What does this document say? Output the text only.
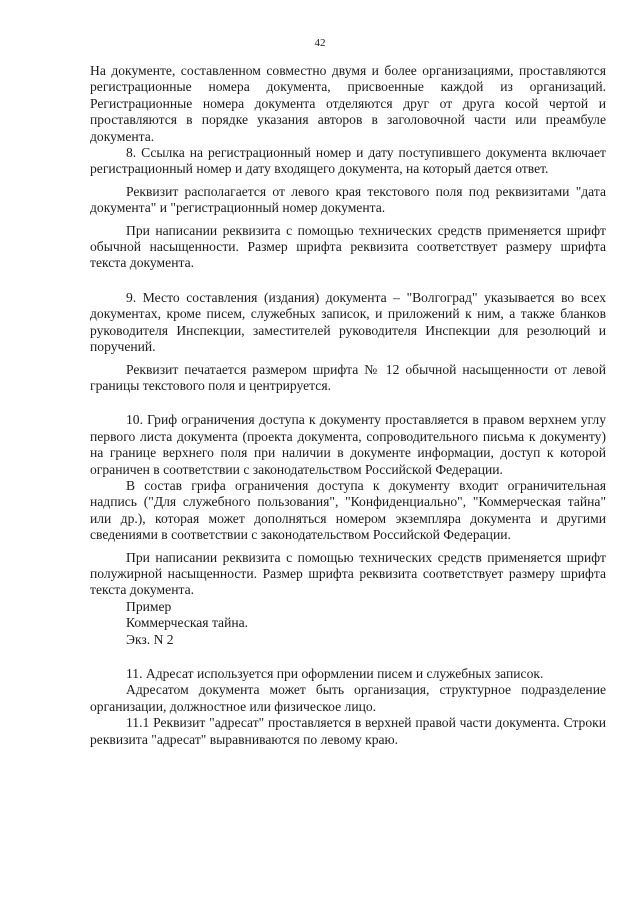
42

На документе, составленном совместно двумя и более организациями, проставляются регистрационные номера документа, присвоенные каждой из организаций. Регистрационные номера документа отделяются друг от друга косой чертой и проставляются в порядке указания авторов в заголовочной части или преамбуле документа.

8. Ссылка на регистрационный номер и дату поступившего документа включает регистрационный номер и дату входящего документа, на который дается ответ.

Реквизит располагается от левого края текстового поля под реквизитами "дата документа" и "регистрационный номер документа.

При написании реквизита с помощью технических средств применяется шрифт обычной насыщенности. Размер шрифта реквизита соответствует размеру шрифта текста документа.

9. Место составления (издания) документа – "Волгоград" указывается во всех документах, кроме писем, служебных записок, и приложений к ним, а также бланков руководителя Инспекции, заместителей руководителя Инспекции для резолюций и поручений.

Реквизит печатается размером шрифта № 12 обычной насыщенности от левой границы текстового поля и центрируется.

10. Гриф ограничения доступа к документу проставляется в правом верхнем углу первого листа документа (проекта документа, сопроводительного письма к документу) на границе верхнего поля при наличии в документе информации, доступ к которой ограничен в соответствии с законодательством Российской Федерации.

В состав грифа ограничения доступа к документу входит ограничительная надпись ("Для служебного пользования", "Конфиденциально", "Коммерческая тайна" или др.), которая может дополняться номером экземпляра документа и другими сведениями в соответствии с законодательством Российской Федерации.

При написании реквизита с помощью технических средств применяется шрифт полужирной насыщенности. Размер шрифта реквизита соответствует размеру шрифта текста документа.

Пример

Коммерческая тайна.

Экз. N 2

11. Адресат используется при оформлении писем и служебных записок.

Адресатом документа может быть организация, структурное подразделение организации, должностное или физическое лицо.

11.1 Реквизит "адресат" проставляется в верхней правой части документа. Строки реквизита "адресат" выравниваются по левому краю.
